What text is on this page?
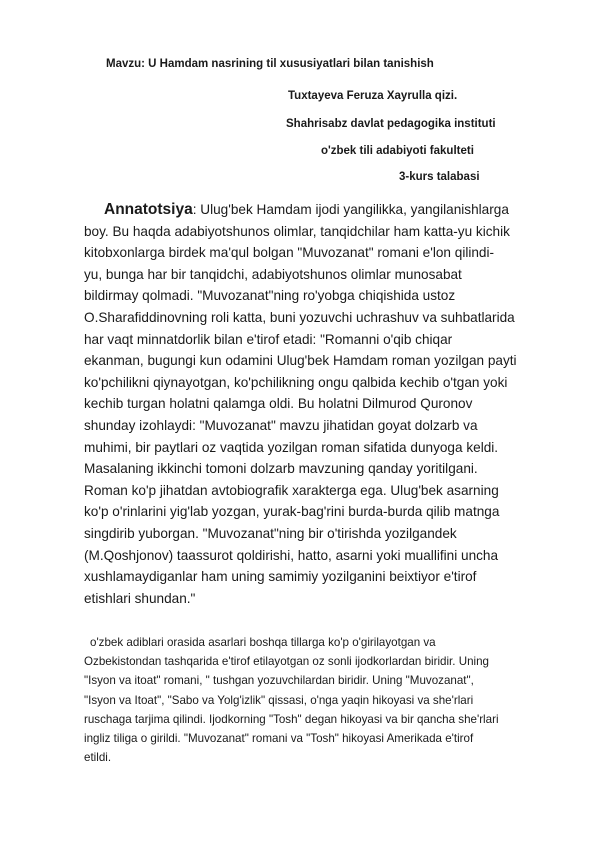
Mavzu: U Hamdam nasrining til xususiyatlari bilan tanishish
Tuxtayeva Feruza Xayrulla qizi.
Shahrisabz davlat pedagogika instituti
o'zbek tili adabiyoti fakulteti
3-kurs talabasi
Annatotsiya: Ulug'bek Hamdam ijodi yangilikka, yangilanishlarga
boy. Bu haqda adabiyotshunos olimlar, tanqidchilar ham katta-yu kichik
kitobxonlarga birdek ma'qul bolgan "Muvozanat" romani e'lon qilindi-
yu, bunga har bir tanqidchi, adabiyotshunos olimlar munosabat
bildirmay qolmadi. "Muvozanat"ning ro'yobga chiqishida ustoz
O.Sharafiddinovning roli katta, buni yozuvchi uchrashuv va suhbatlarida
har vaqt minnatdorlik bilan e'tirof etadi: "Romanni o'qib chiqar
ekanman, bugungi kun odamini Ulug'bek Hamdam roman yozilgan payti
ko'pchilikni qiynayotgan, ko'pchilikning ongu qalbida kechib o'tgan yoki
kechib turgan holatni qalamga oldi. Bu holatni Dilmurod Quronov
shunday izohlaydi: "Muvozanat" mavzu jihatidan goyat dolzarb va
muhimi, bir paytlari oz vaqtida yozilgan roman sifatida dunyoga keldi.
Masalaning ikkinchi tomoni dolzarb mavzuning qanday yoritilgani.
Roman ko'p jihatdan avtobiografik xarakterga ega. Ulug'bek asarning
ko'p o'rinlarini yig'lab yozgan, yurak-bag'rini burda-burda qilib matnga
singdirib yuborgan. "Muvozanat"ning bir o'tirishda yozilgandek
(M.Qoshjonov) taassurot qoldirishi, hatto, asarni yoki muallifini uncha
xushlamaydiganlar ham uning samimiy yozilganini beixtiyor e'tirof
etishlari shundan."
o'zbek adiblari orasida asarlari boshqa tillarga ko'p o'girilayotgan va
Ozbekistondan tashqarida e'tirof etilayotgan oz sonli ijodkorlardan biridir. Uning
"Isyon va itoat" romani, " tushgan yozuvchilardan biridir. Uning "Muvozanat",
"Isyon va Itoat", "Sabo va Yolg'izlik" qissasi, o'nga yaqin hikoyasi va she'rlari
ruschaga tarjima qilindi. Ijodkorning "Tosh" degan hikoyasi va bir qancha she'rlari
ingliz tiliga o girildi. "Muvozanat" romani va "Tosh" hikoyasi Amerikada e'tirof
etildi.
